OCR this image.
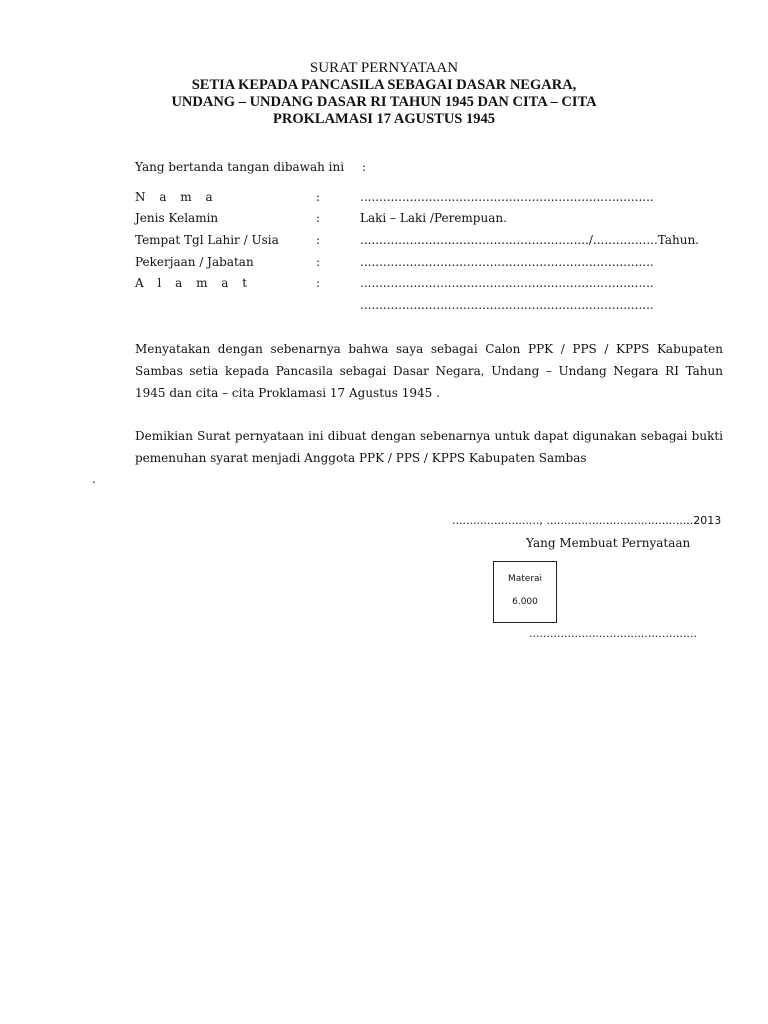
SURAT PERNYATAAN
SETIA KEPADA PANCASILA SEBAGAI DASAR NEGARA,
UNDANG – UNDANG DASAR RI TAHUN 1945 DAN CITA – CITA
PROKLAMASI 17 AGUSTUS 1945
Yang bertanda tangan dibawah ini :
N a m a	:	.............................................................................
Jenis Kelamin	:	Laki – Laki /Perempuan.
Tempat Tgl Lahir / Usia	:	............................................................/.................Tahun.
Pekerjaan / Jabatan	:	.............................................................................
A l a m a t	:	.............................................................................
.............................................................................
Menyatakan dengan sebenarnya bahwa saya sebagai Calon PPK / PPS / KPPS Kabupaten Sambas setia kepada Pancasila sebagai Dasar Negara, Undang – Undang Negara RI Tahun 1945 dan cita – cita Proklamasi 17 Agustus 1945 .
Demikian Surat pernyataan ini dibuat dengan sebenarnya untuk dapat digunakan sebagai bukti pemenuhan syarat menjadi Anggota PPK / PPS / KPPS Kabupaten Sambas
.
........................., ..........................................2013
Yang Membuat Pernyataan
Materai
6.000
................................................
